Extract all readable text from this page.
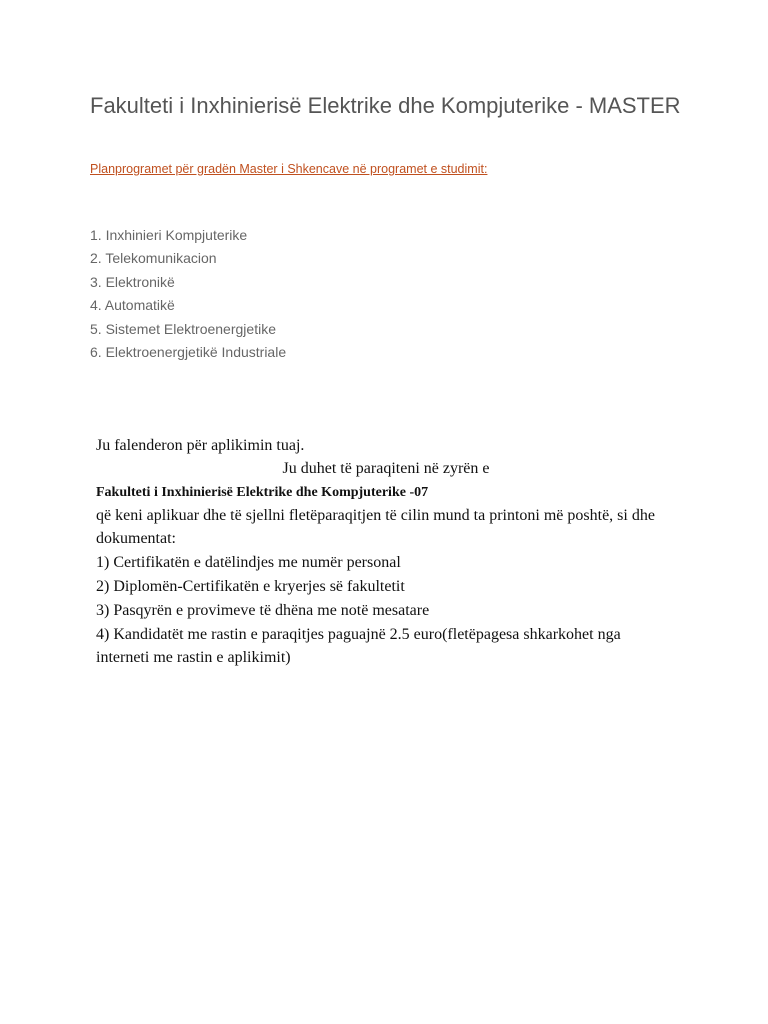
Fakulteti i Inxhinierisë Elektrike dhe Kompjuterike - MASTER
Planprogramet për gradën Master i Shkencave në programet e studimit:
1. Inxhinieri Kompjuterike
2. Telekomunikacion
3. Elektronikë
4. Automatikë
5. Sistemet Elektroenergjetike
6. Elektroenergjetikë Industriale

Ju falenderon për aplikimin tuaj.

Ju duhet të paraqiteni në zyrën e

Fakulteti i Inxhinierisë Elektrike dhe Kompjuterike -07

që keni aplikuar dhe të sjellni fletëparaqitjen të cilin mund ta printoni më poshtë, si dhe dokumentat:

1) Certifikatën e datëlindjes me numër personal

2) Diplomën-Certifikatën e kryerjes së fakultetit

3) Pasqyrën e provimeve të dhëna me notë mesatare

4) Kandidatët me rastin e paraqitjes paguajnë 2.5 euro(fletëpagesa shkarkohet nga interneti me rastin e aplikimit)
